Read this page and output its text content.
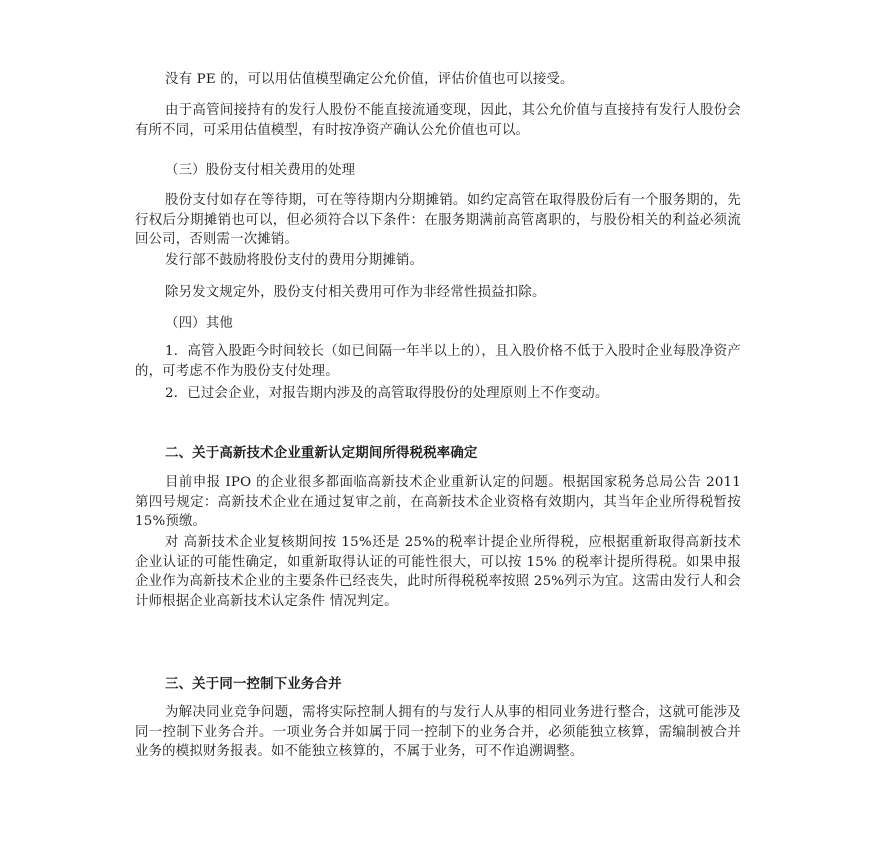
没有 PE 的，可以用估值模型确定公允价值，评估价值也可以接受。

由于高管间接持有的发行人股份不能直接流通变现，因此，其公允价值与直接持有发行人股份会有所不同，可采用估值模型，有时按净资产确认公允价值也可以。

（三）股份支付相关费用的处理

股份支付如存在等待期，可在等待期内分期摊销。如约定高管在取得股份后有一个服务期的，先行权后分期摊销也可以，但必须符合以下条件：在服务期满前高管离职的，与股份相关的利益必须流回公司，否则需一次摊销。

发行部不鼓励将股份支付的费用分期摊销。

除另发文规定外，股份支付相关费用可作为非经常性损益扣除。

（四）其他

1．高管入股距今时间较长（如已间隔一年半以上的），且入股价格不低于入股时企业每股净资产的，可考虑不作为股份支付处理。

2．已过会企业，对报告期内涉及的高管取得股份的处理原则上不作变动。

二、关于高新技术企业重新认定期间所得税税率确定

目前申报 IPO 的企业很多都面临高新技术企业重新认定的问题。根据国家税务总局公告 2011 第四号规定：高新技术企业在通过复审之前，在高新技术企业资格有效期内，其当年企业所得税暂按 15%预缴。

对 高新技术企业复核期间按 15%还是 25%的税率计提企业所得税，应根据重新取得高新技术企业认证的可能性确定，如重新取得认证的可能性很大，可以按 15% 的税率计提所得税。如果申报企业作为高新技术企业的主要条件已经丧失，此时所得税税率按照 25%列示为宜。这需由发行人和会计师根据企业高新技术认定条件 情况判定。

三、关于同一控制下业务合并

为解决同业竞争问题，需将实际控制人拥有的与发行人从事的相同业务进行整合，这就可能涉及同一控制下业务合并。一项业务合并如属于同一控制下的业务合并，必须能独立核算，需编制被合并业务的模拟财务报表。如不能独立核算的，不属于业务，可不作追溯调整。
